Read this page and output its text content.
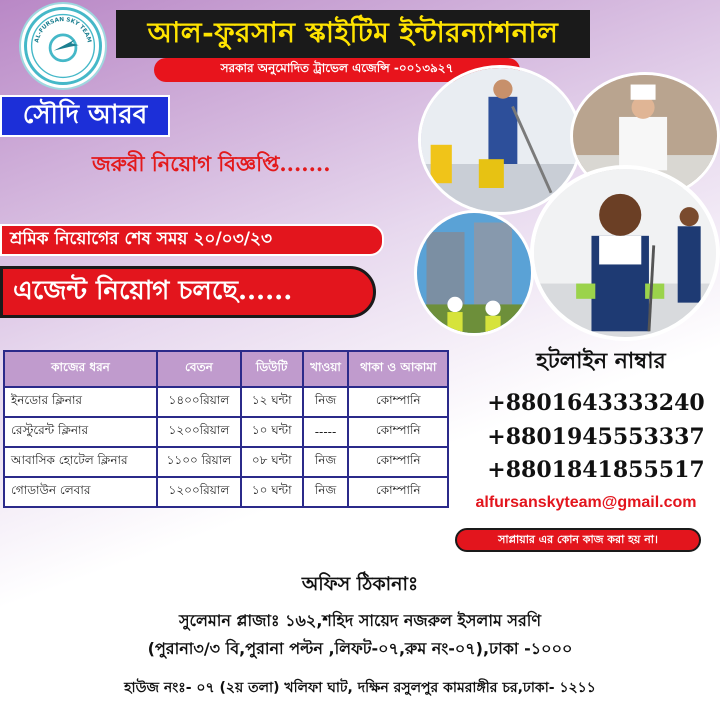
AL-FURSAN SKY TEAM আল-ফুরসান স্কাইটিম ইন্টারন্যাশনাল
সরকার অনুমোদিত ট্রাভেল এজেন্সি -০০১৩৯২৭
সৌদি আরব
জরুরী নিয়োগ বিজ্ঞপ্তি.......
শ্রমিক নিয়োগের শেষ সময় ২০/০৩/২৩
এজেন্ট নিয়োগ চলছে......
কাজের ধরন	বেতন	ডিউটি	খাওয়া	থাকা ও আকামা
ইনডোর ক্লিনার	১৪০০রিয়াল	১২ ঘন্টা	নিজ	কোম্পানি
রেস্টুরেন্ট ক্লিনার	১২০০রিয়াল	১০ ঘন্টা	-----	কোম্পানি
আবাসিক হোটেল ক্লিনার	১১০০ রিয়াল	০৮ ঘন্টা	নিজ	কোম্পানি
গোডাউন লেবার	১২০০রিয়াল	১০ ঘন্টা	নিজ	কোম্পানি
হটলাইন নাম্বার
+8801643333240
+8801945553337
+8801841855517
alfursanskyteam@gmail.com
সাপ্লায়ার এর কোন কাজ করা হয় না।
অফিস ঠিকানাঃ
সুলেমান প্লাজাঃ ১৬২,শহিদ সায়েদ নজরুল ইসলাম সরণি
(পুরানা৩/৩ বি,পুরানা পল্টন ,লিফট-০৭,রুম নং-০৭),ঢাকা -১০০০
হাউজ নংঃ- ০৭ (২য় তলা) খলিফা ঘাট, দক্ষিন রসুলপুর কামরাঙ্গীর চর,ঢাকা- ১২১১
